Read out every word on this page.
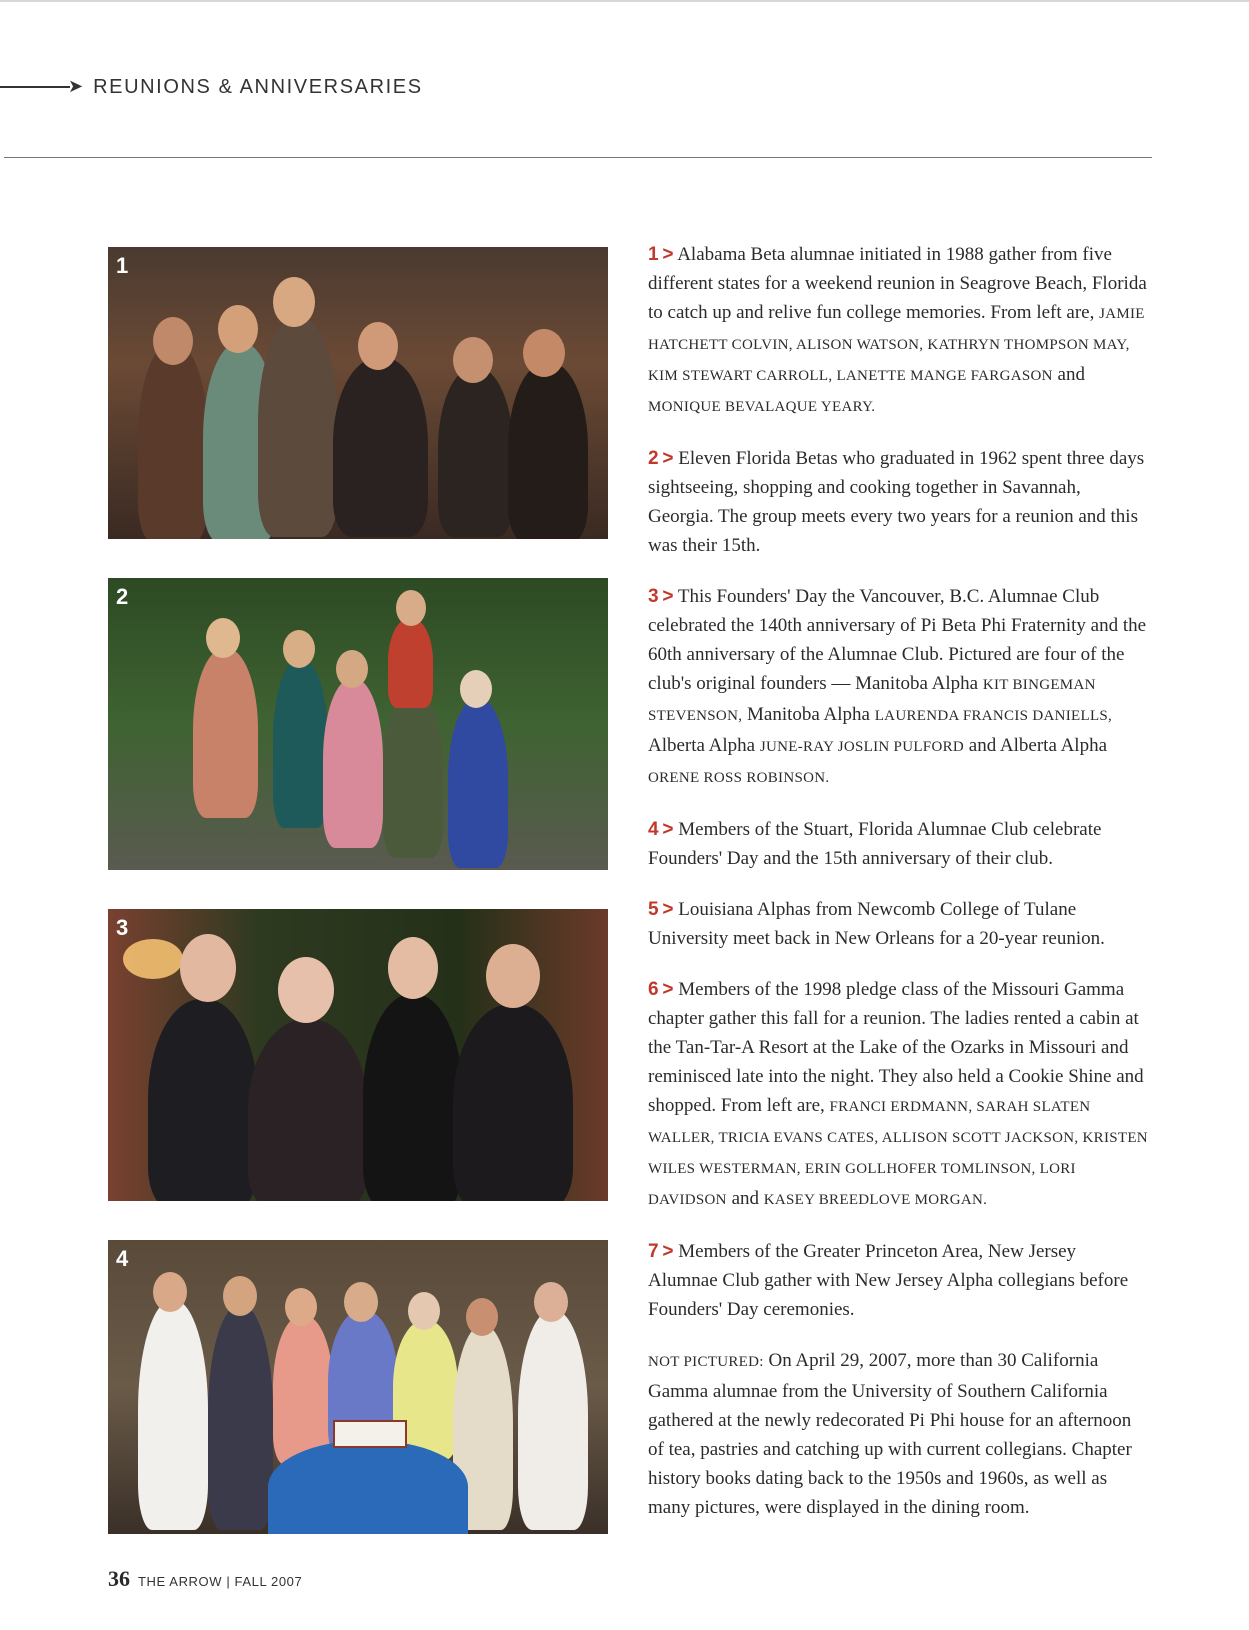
➤ REUNIONS & ANNIVERSARIES
1
2
3
4

1  > Alabama Beta alumnae initiated in 1988 gather from five different states for a weekend reunion in Seagrove Beach, Florida to catch up and relive fun college memories. From left are, JAMIE HATCHETT COLVIN, ALISON WATSON, KATHRYN THOMPSON MAY, KIM STEWART CARROLL, LANETTE MANGE FARGASON and MONIQUE BEVALAQUE YEARY.

2  > Eleven Florida Betas who graduated in 1962 spent three days sightseeing, shopping and cooking together in Savannah, Georgia. The group meets every two years for a reunion and this was their 15th.

3  > This Founders' Day the Vancouver, B.C. Alumnae Club celebrated the 140th anniversary of Pi Beta Phi Fraternity and the 60th anniversary of the Alumnae Club. Pictured are four of the club's original founders — Manitoba Alpha KIT BINGEMAN STEVENSON, Manitoba Alpha LAURENDA FRANCIS DANIELLS, Alberta Alpha JUNE-RAY JOSLIN PULFORD and Alberta Alpha ORENE ROSS ROBINSON.

4  > Members of the Stuart, Florida Alumnae Club celebrate Founders' Day and the 15th anniversary of their club.

5  > Louisiana Alphas from Newcomb College of Tulane University meet back in New Orleans for a 20-year reunion.

6  > Members of the 1998 pledge class of the Missouri Gamma chapter gather this fall for a reunion. The ladies rented a cabin at the Tan-Tar-A Resort at the Lake of the Ozarks in Missouri and reminisced late into the night. They also held a Cookie Shine and shopped. From left are, FRANCI ERDMANN, SARAH SLATEN WALLER, TRICIA EVANS CATES, ALLISON SCOTT JACKSON, KRISTEN WILES WESTERMAN, ERIN GOLLHOFER TOMLINSON, LORI DAVIDSON and KASEY BREEDLOVE MORGAN.

7  > Members of the Greater Princeton Area, New Jersey Alumnae Club gather with New Jersey Alpha collegians before Founders' Day ceremonies.

NOT PICTURED: On April 29, 2007, more than 30 California Gamma alumnae from the University of Southern California gathered at the newly redecorated Pi Phi house for an afternoon of tea, pastries and catching up with current collegians. Chapter history books dating back to the 1950s and 1960s, as well as many pictures, were displayed in the dining room.

36 THE ARROW | FALL 2007
